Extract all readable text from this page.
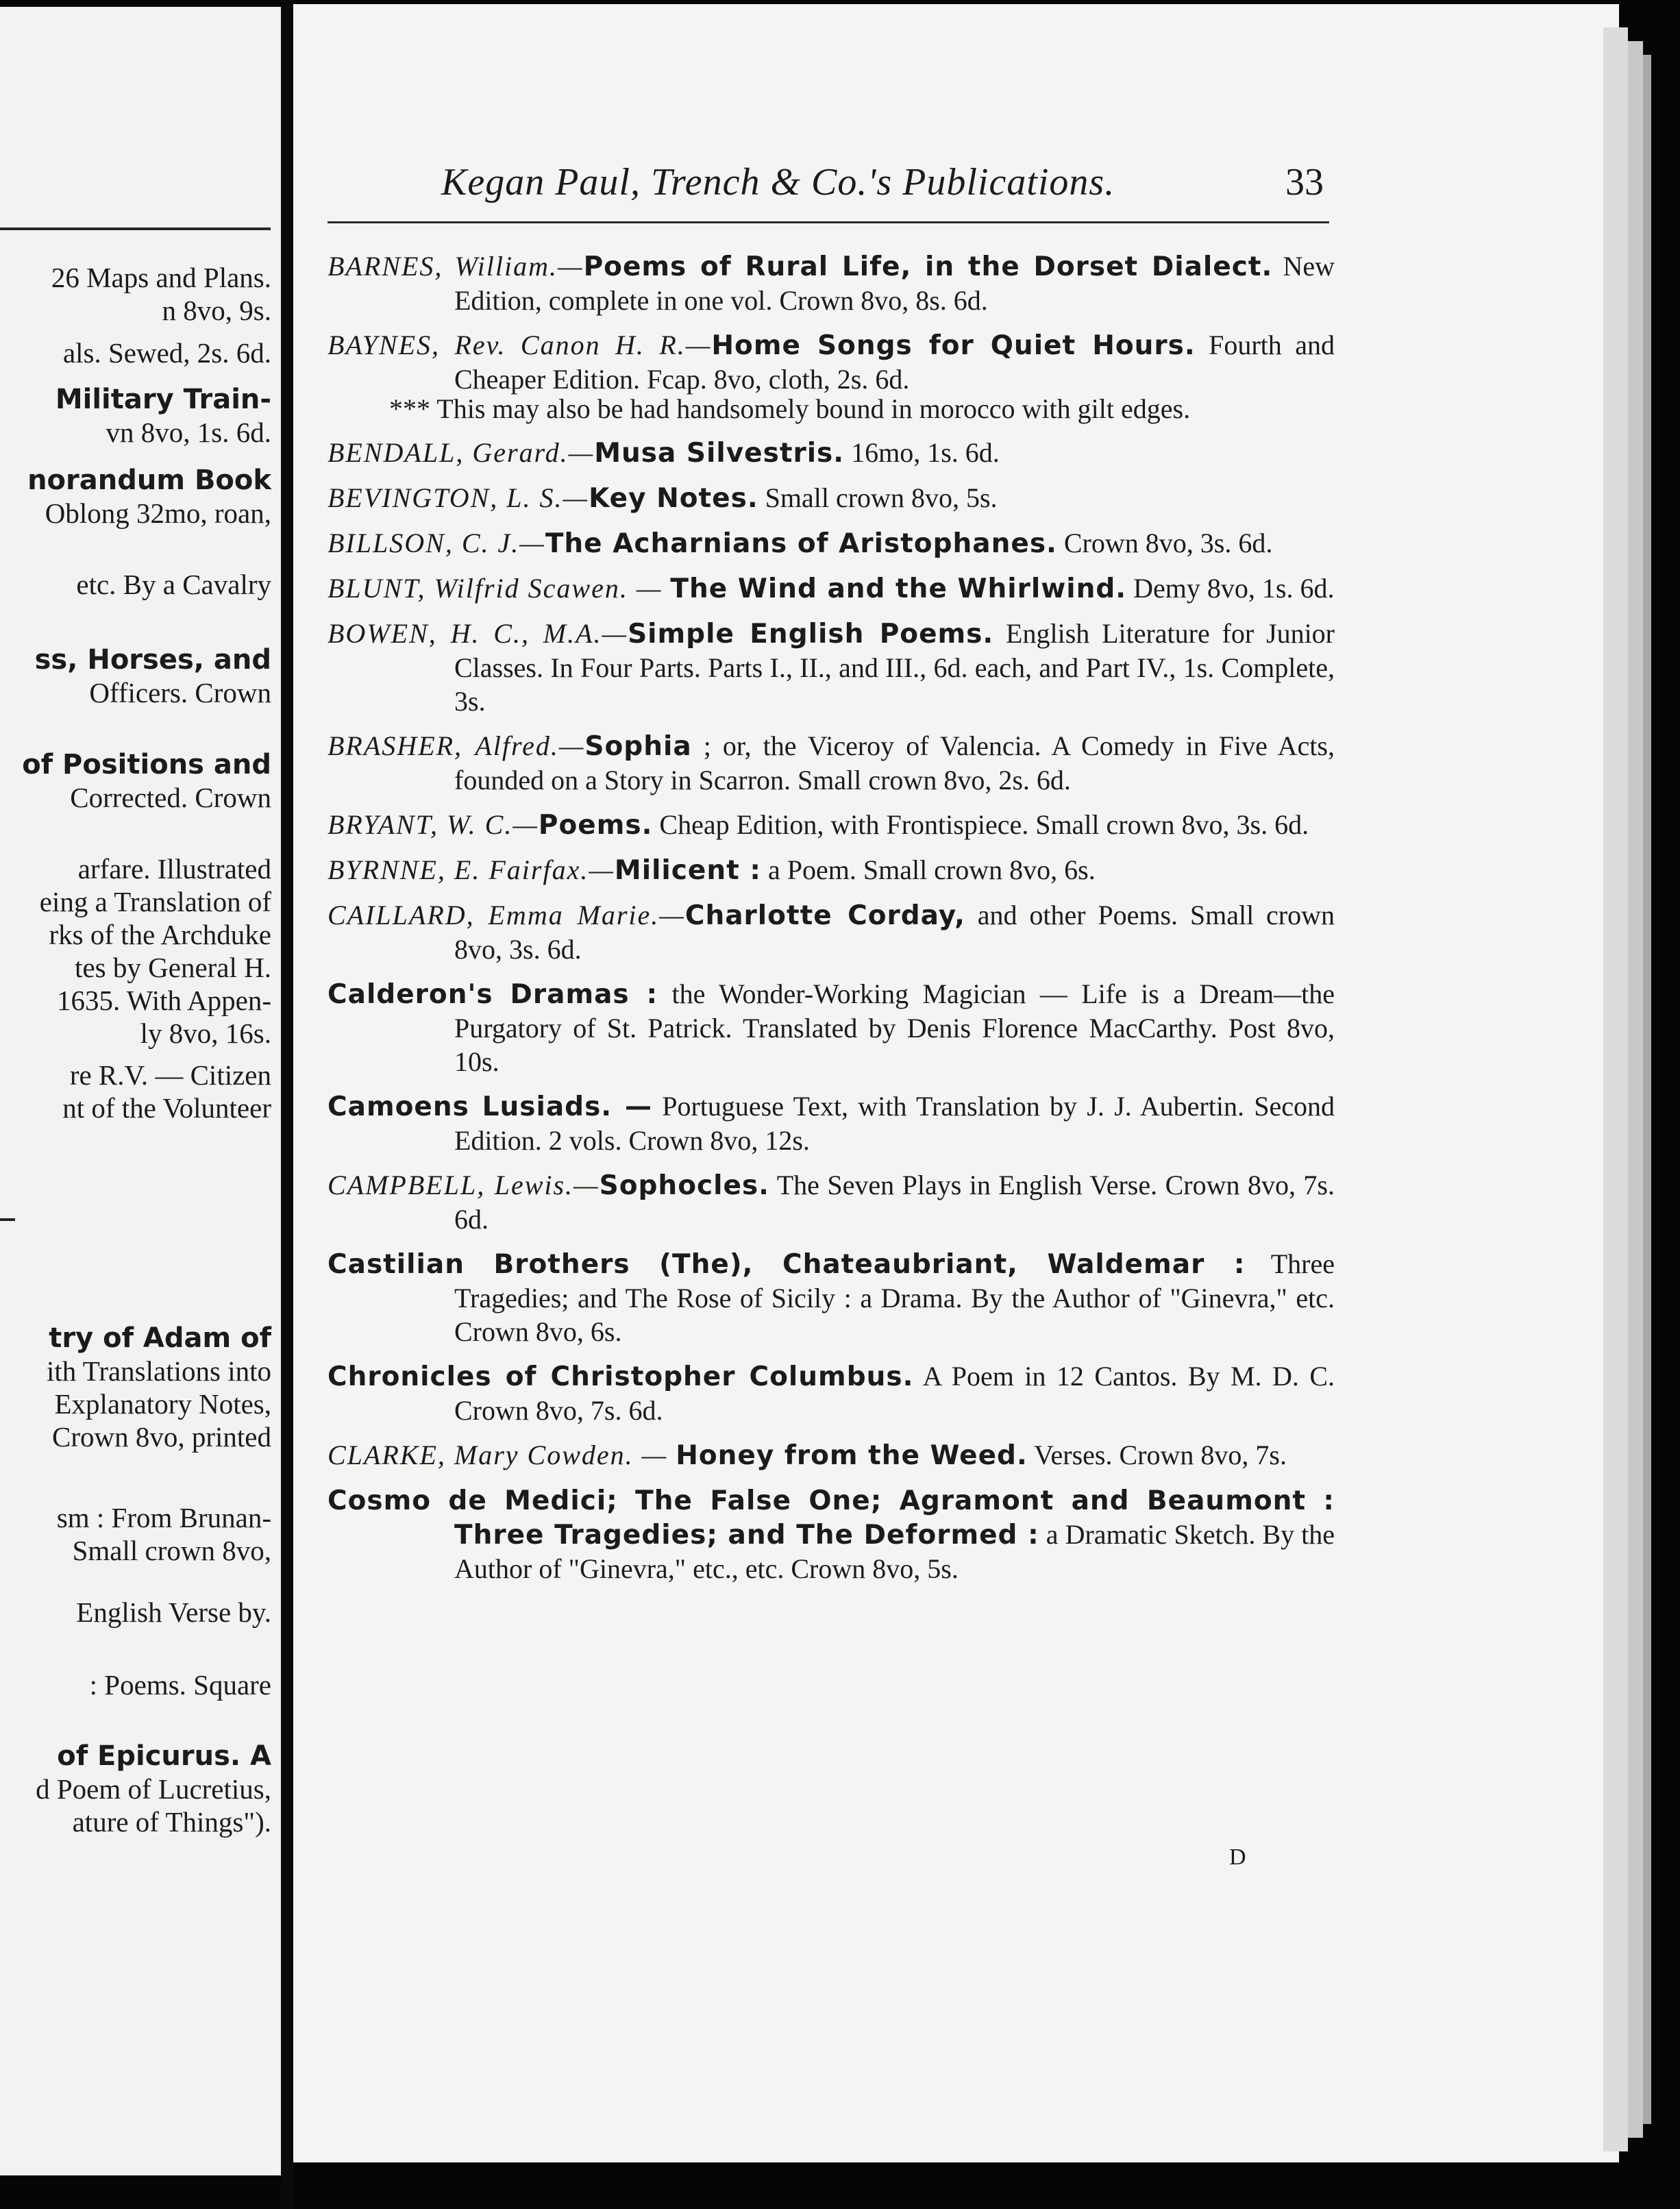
26 Maps and Plans.
n 8vo, 9s.
als. Sewed, 2s. 6d.
Military Train-
vn 8vo, 1s. 6d.
norandum Book
Oblong 32mo, roan,
etc. By a Cavalry
ss, Horses, and
Officers. Crown
of Positions and
Corrected. Crown
arfare. Illustrated
eing a Translation of
rks of the Archduke
tes by General H.
1635. With Appen-
ly 8vo, 16s.
re R.V. — Citizen
nt of the Volunteer
try of Adam of
ith Translations into
Explanatory Notes,
Crown 8vo, printed
sm : From Brunan-
Small crown 8vo,
English Verse by.
: Poems. Square
of Epicurus. A
d Poem of Lucretius,
ature of Things").
Kegan Paul, Trench & Co.'s Publications.	33
BARNES, William.—Poems of Rural Life, in the Dorset Dialect. New Edition, complete in one vol. Crown 8vo, 8s. 6d.
BAYNES, Rev. Canon H. R.—Home Songs for Quiet Hours. Fourth and Cheaper Edition. Fcap. 8vo, cloth, 2s. 6d.
*** This may also be had handsomely bound in morocco with gilt edges.
BENDALL, Gerard.—Musa Silvestris. 16mo, 1s. 6d.
BEVINGTON, L. S.—Key Notes. Small crown 8vo, 5s.
BILLSON, C. J.—The Acharnians of Aristophanes. Crown 8vo, 3s. 6d.
BLUNT, Wilfrid Scawen. — The Wind and the Whirlwind. Demy 8vo, 1s. 6d.
BOWEN, H. C., M.A.—Simple English Poems. English Literature for Junior Classes. In Four Parts. Parts I., II., and III., 6d. each, and Part IV., 1s. Complete, 3s.
BRASHER, Alfred.—Sophia ; or, the Viceroy of Valencia. A Comedy in Five Acts, founded on a Story in Scarron. Small crown 8vo, 2s. 6d.
BRYANT, W. C.—Poems. Cheap Edition, with Frontispiece. Small crown 8vo, 3s. 6d.
BYRNNE, E. Fairfax.—Milicent : a Poem. Small crown 8vo, 6s.
CAILLARD, Emma Marie.—Charlotte Corday, and other Poems. Small crown 8vo, 3s. 6d.
Calderon's Dramas : the Wonder-Working Magician — Life is a Dream—the Purgatory of St. Patrick. Translated by Denis Florence MacCarthy. Post 8vo, 10s.
Camoens Lusiads. — Portuguese Text, with Translation by J. J. Aubertin. Second Edition. 2 vols. Crown 8vo, 12s.
CAMPBELL, Lewis.—Sophocles. The Seven Plays in English Verse. Crown 8vo, 7s. 6d.
Castilian Brothers (The), Chateaubriant, Waldemar : Three Tragedies; and The Rose of Sicily : a Drama. By the Author of "Ginevra," etc. Crown 8vo, 6s.
Chronicles of Christopher Columbus. A Poem in 12 Cantos. By M. D. C. Crown 8vo, 7s. 6d.
CLARKE, Mary Cowden. — Honey from the Weed. Verses. Crown 8vo, 7s.
Cosmo de Medici; The False One; Agramont and Beaumont : Three Tragedies; and The Deformed : a Dramatic Sketch. By the Author of "Ginevra," etc., etc. Crown 8vo, 5s.
D
